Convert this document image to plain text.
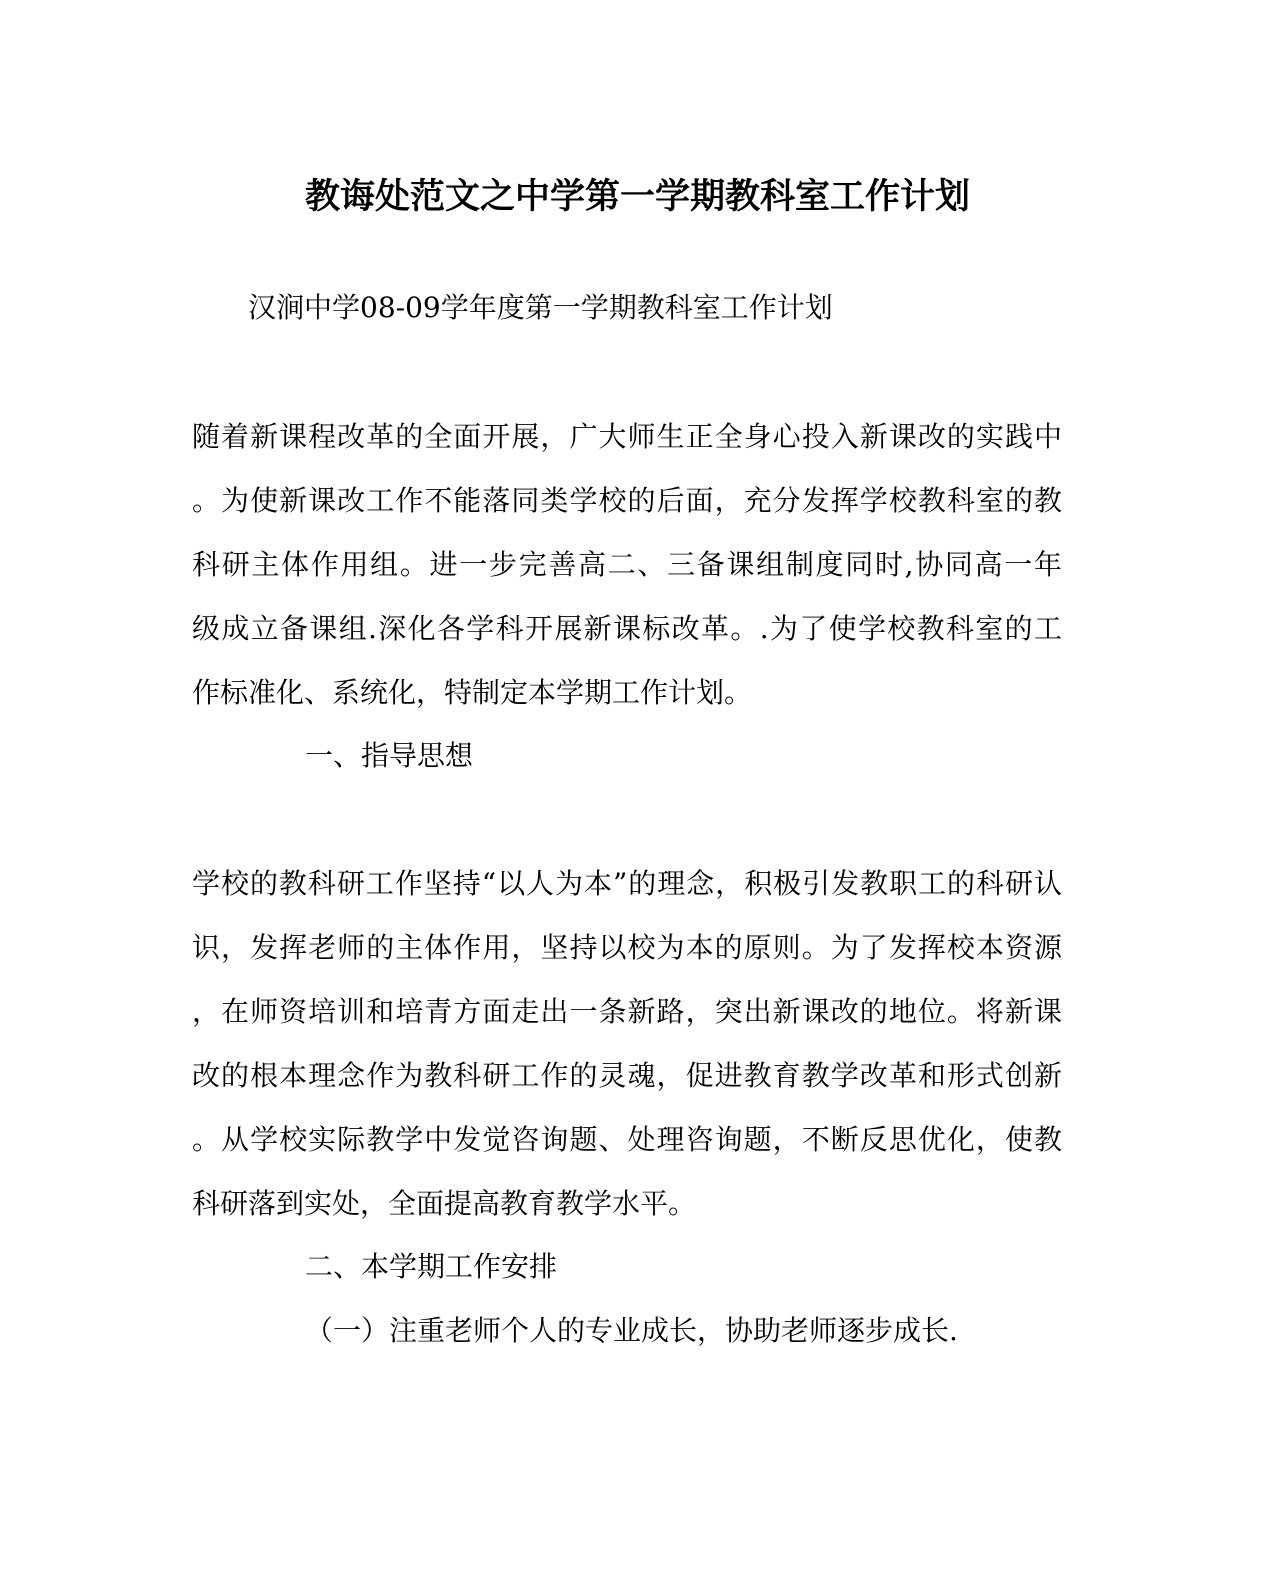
教诲处范文之中学第一学期教科室工作计划
汉涧中学08-09学年度第一学期教科室工作计划
随着新课程改革的全面开展，广大师生正全身心投入新课改的实践中
。为使新课改工作不能落同类学校的后面，充分发挥学校教科室的教
科研主体作用组。进一步完善高二、三备课组制度同时,协同高一年
级成立备课组.深化各学科开展新课标改革。.为了使学校教科室的工
作标准化、系统化，特制定本学期工作计划。
一、指导思想
学校的教科研工作坚持“以人为本”的理念，积极引发教职工的科研认
识，发挥老师的主体作用，坚持以校为本的原则。为了发挥校本资源
，在师资培训和培青方面走出一条新路，突出新课改的地位。将新课
改的根本理念作为教科研工作的灵魂，促进教育教学改革和形式创新
。从学校实际教学中发觉咨询题、处理咨询题，不断反思优化，使教
科研落到实处，全面提高教育教学水平。
二、本学期工作安排
（一）注重老师个人的专业成长，协助老师逐步成长.
